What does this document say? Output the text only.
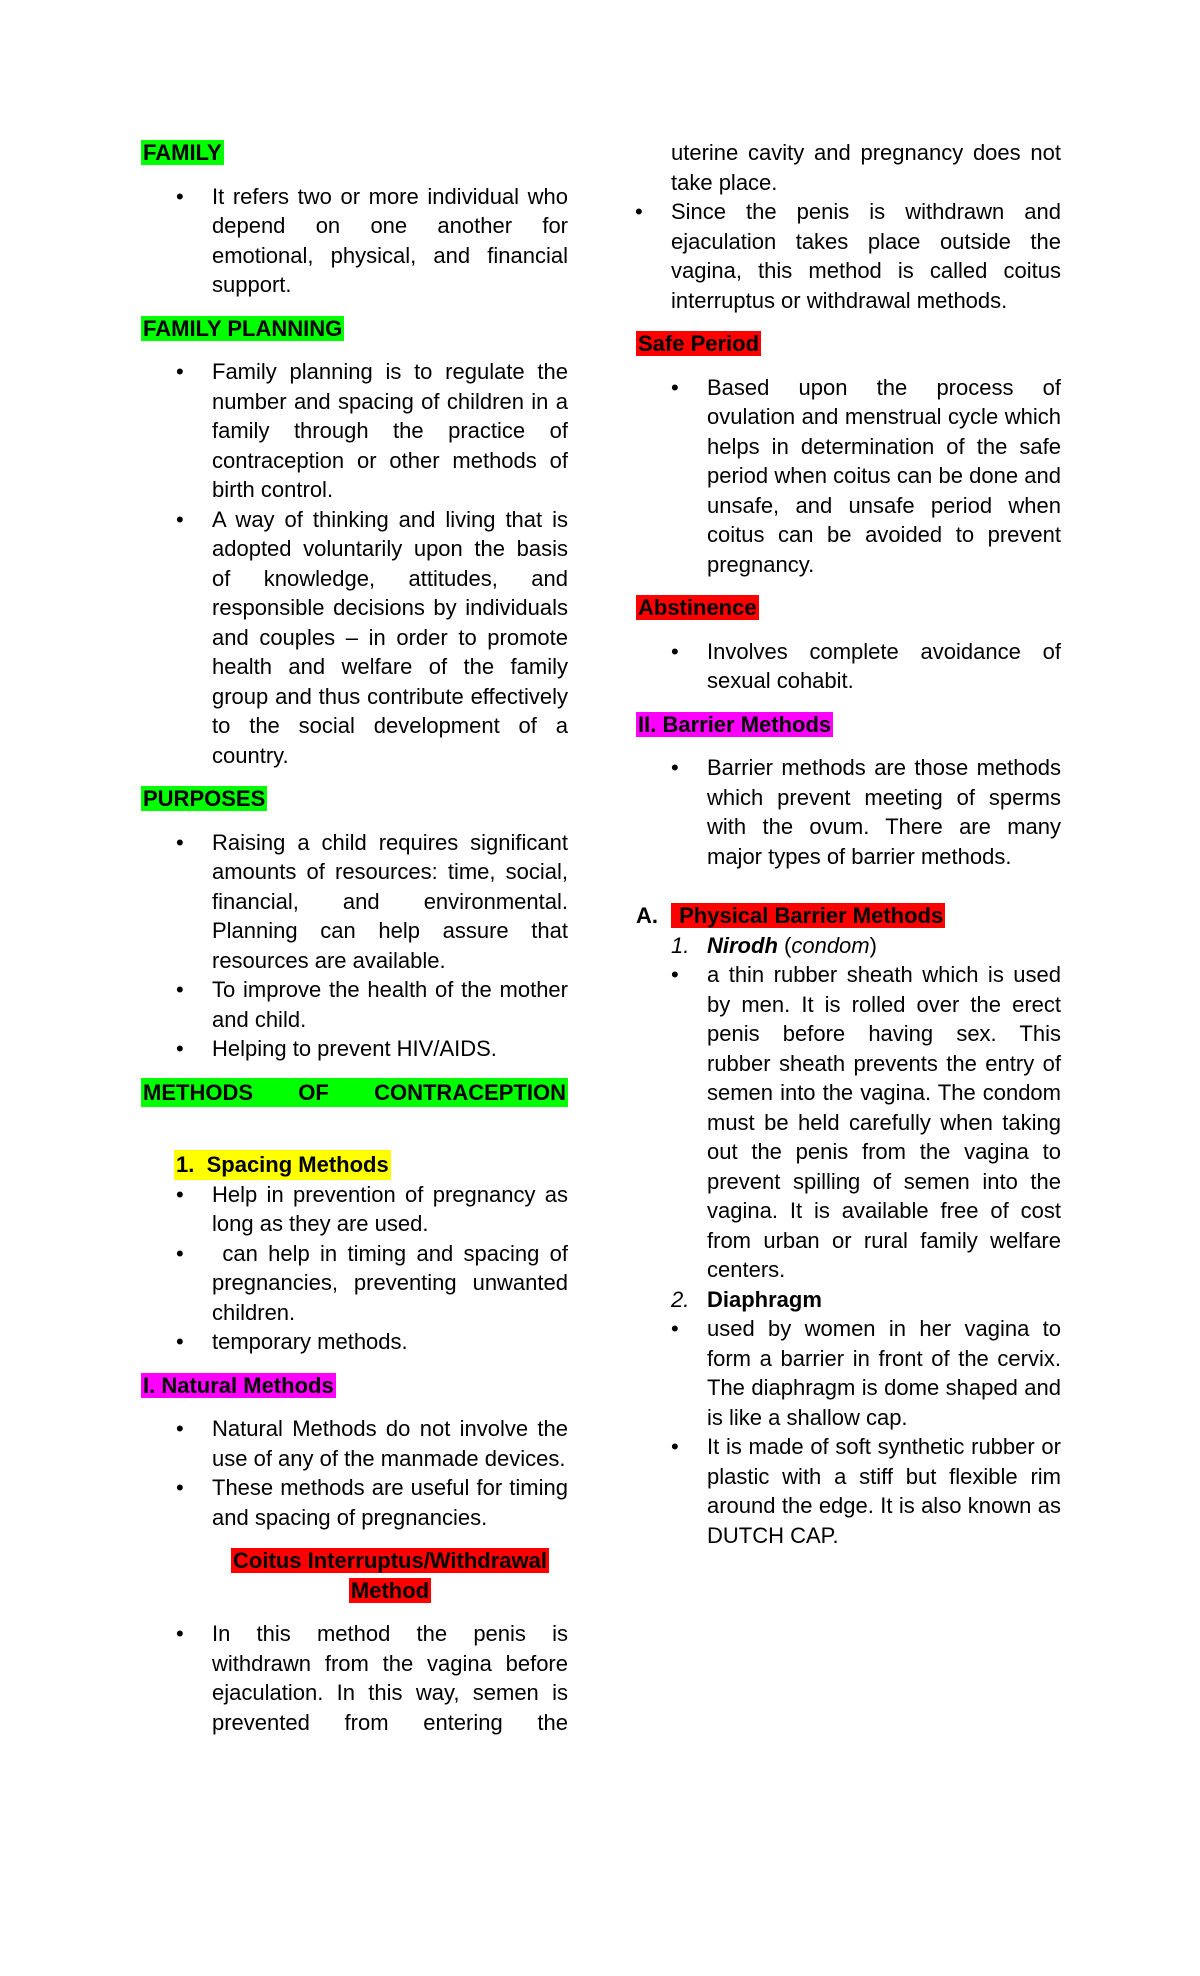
FAMILY
• It refers two or more individual who depend on one another for emotional, physical, and financial support.
FAMILY PLANNING
• Family planning is to regulate the number and spacing of children in a family through the practice of contraception or other methods of birth control.
• A way of thinking and living that is adopted voluntarily upon the basis of knowledge, attitudes, and responsible decisions by individuals and couples – in order to promote health and welfare of the family group and thus contribute effectively to the social development of a country.
PURPOSES
• Raising a child requires significant amounts of resources: time, social, financial, and environmental. Planning can help assure that resources are available.
• To improve the health of the mother and child.
• Helping to prevent HIV/AIDS.
METHODS OF CONTRACEPTION
1. Spacing Methods

• Help in prevention of pregnancy as long as they are used.
•  can help in timing and spacing of pregnancies, preventing unwanted children.
• temporary methods.
I. Natural Methods
• Natural Methods do not involve the use of any of the manmade devices.
• These methods are useful for timing and spacing of pregnancies.
Coitus Interruptus/Withdrawal
Method
• In this method the penis is withdrawn from the vagina before ejaculation. In this way, semen is prevented from entering the

uterine cavity and pregnancy does not take place.

• Since the penis is withdrawn and ejaculation takes place outside the vagina, this method is called coitus interruptus or withdrawal methods.
Safe Period
• Based upon the process of ovulation and menstrual cycle which helps in determination of the safe period when coitus can be done and unsafe, and unsafe period when coitus can be avoided to prevent pregnancy.
Abstinence
• Involves complete avoidance of sexual cohabit.
II. Barrier Methods
• Barrier methods are those methods which prevent meeting of sperms with the ovum. There are many major types of barrier methods.
A. Physical Barrier Methods
1. Nirodh (condom)
• a thin rubber sheath which is used by men. It is rolled over the erect penis before having sex. This rubber sheath prevents the entry of semen into the vagina. The condom must be held carefully when taking out the penis from the vagina to prevent spilling of semen into the vagina. It is available free of cost from urban or rural family welfare centers.
2. Diaphragm
• used by women in her vagina to form a barrier in front of the cervix. The diaphragm is dome shaped and is like a shallow cap.
• It is made of soft synthetic rubber or plastic with a stiff but flexible rim around the edge. It is also known as DUTCH CAP.
